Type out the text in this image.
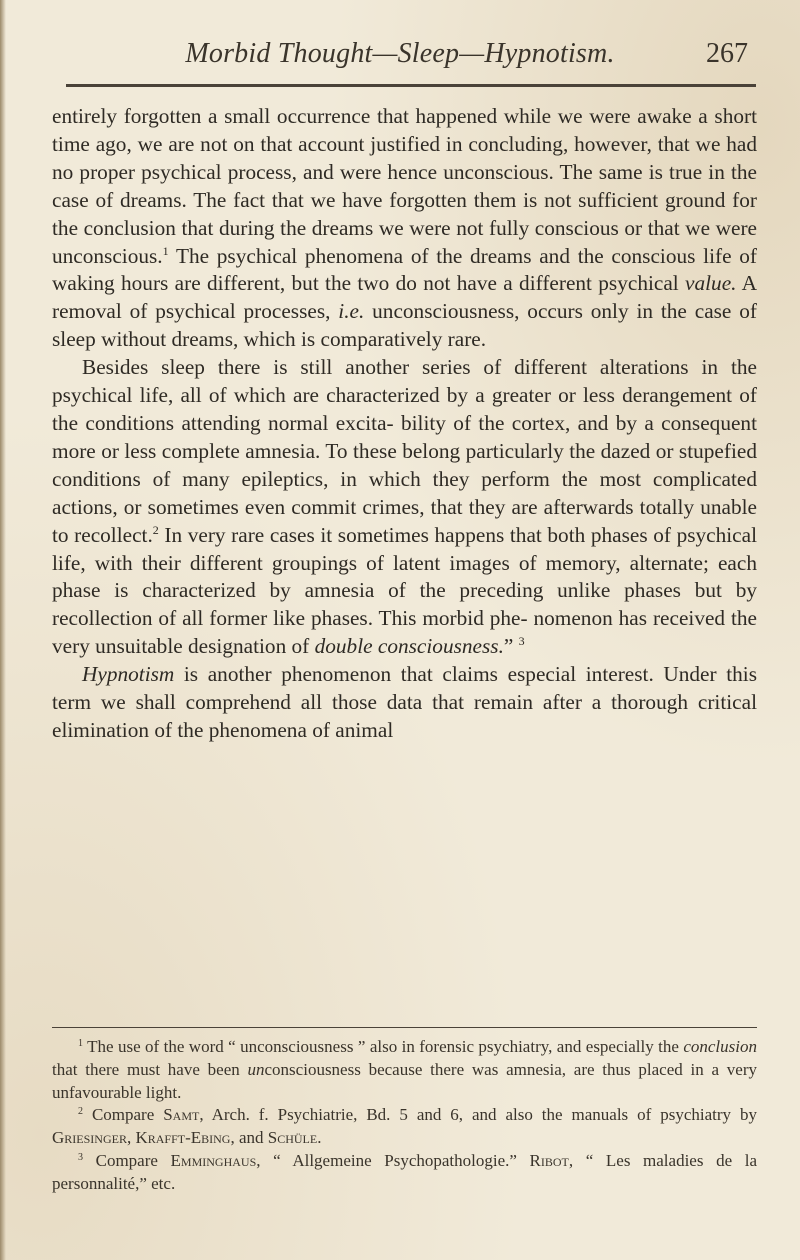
Morbid Thought—Sleep—Hypnotism.	267

entirely forgotten a small occurrence that happened while we were awake a short time ago, we are not on that account justified in concluding, however, that we had no proper psychical process, and were hence unconscious. The same is true in the case of dreams. The fact that we have forgotten them is not sufficient ground for the conclusion that during the dreams we were not fully conscious or that we were unconscious.$^1$ The psychical phenomena of the dreams and the conscious life of waking hours are different, but the two do not have a different psychical value. A removal of psychical processes, i.e. unconsciousness, occurs only in the case of sleep without dreams, which is comparatively rare.

Besides sleep there is still another series of different alterations in the psychical life, all of which are characterized by a greater or less derangement of the conditions attending normal excita- bility of the cortex, and by a consequent more or less complete amnesia. To these belong particularly the dazed or stupefied conditions of many epileptics, in which they perform the most complicated actions, or sometimes even commit crimes, that they are afterwards totally unable to recollect.$^2$ In very rare cases it sometimes happens that both phases of psychical life, with their different groupings of latent images of memory, alternate; each phase is characterized by amnesia of the preceding unlike phases but by recollection of all former like phases. This morbid phe- nomenon has received the very unsuitable designation of double consciousness.” $^3$

Hypnotism is another phenomenon that claims especial interest. Under this term we shall comprehend all those data that remain after a thorough critical elimination of the phenomena of animal

$^1$ The use of the word “ unconsciousness ” also in forensic psychiatry, and especially the conclusion that there must have been unconsciousness because there was amnesia, are thus placed in a very unfavourable light.

$^2$ Compare Samt, Arch. f. Psychiatrie, Bd. 5 and 6, and also the manuals of psychiatry by Griesinger, Krafft-Ebing, and Schüle.

$^3$ Compare Emminghaus, “ Allgemeine Psychopathologie.” Ribot, “ Les maladies de la personnalité,” etc.
